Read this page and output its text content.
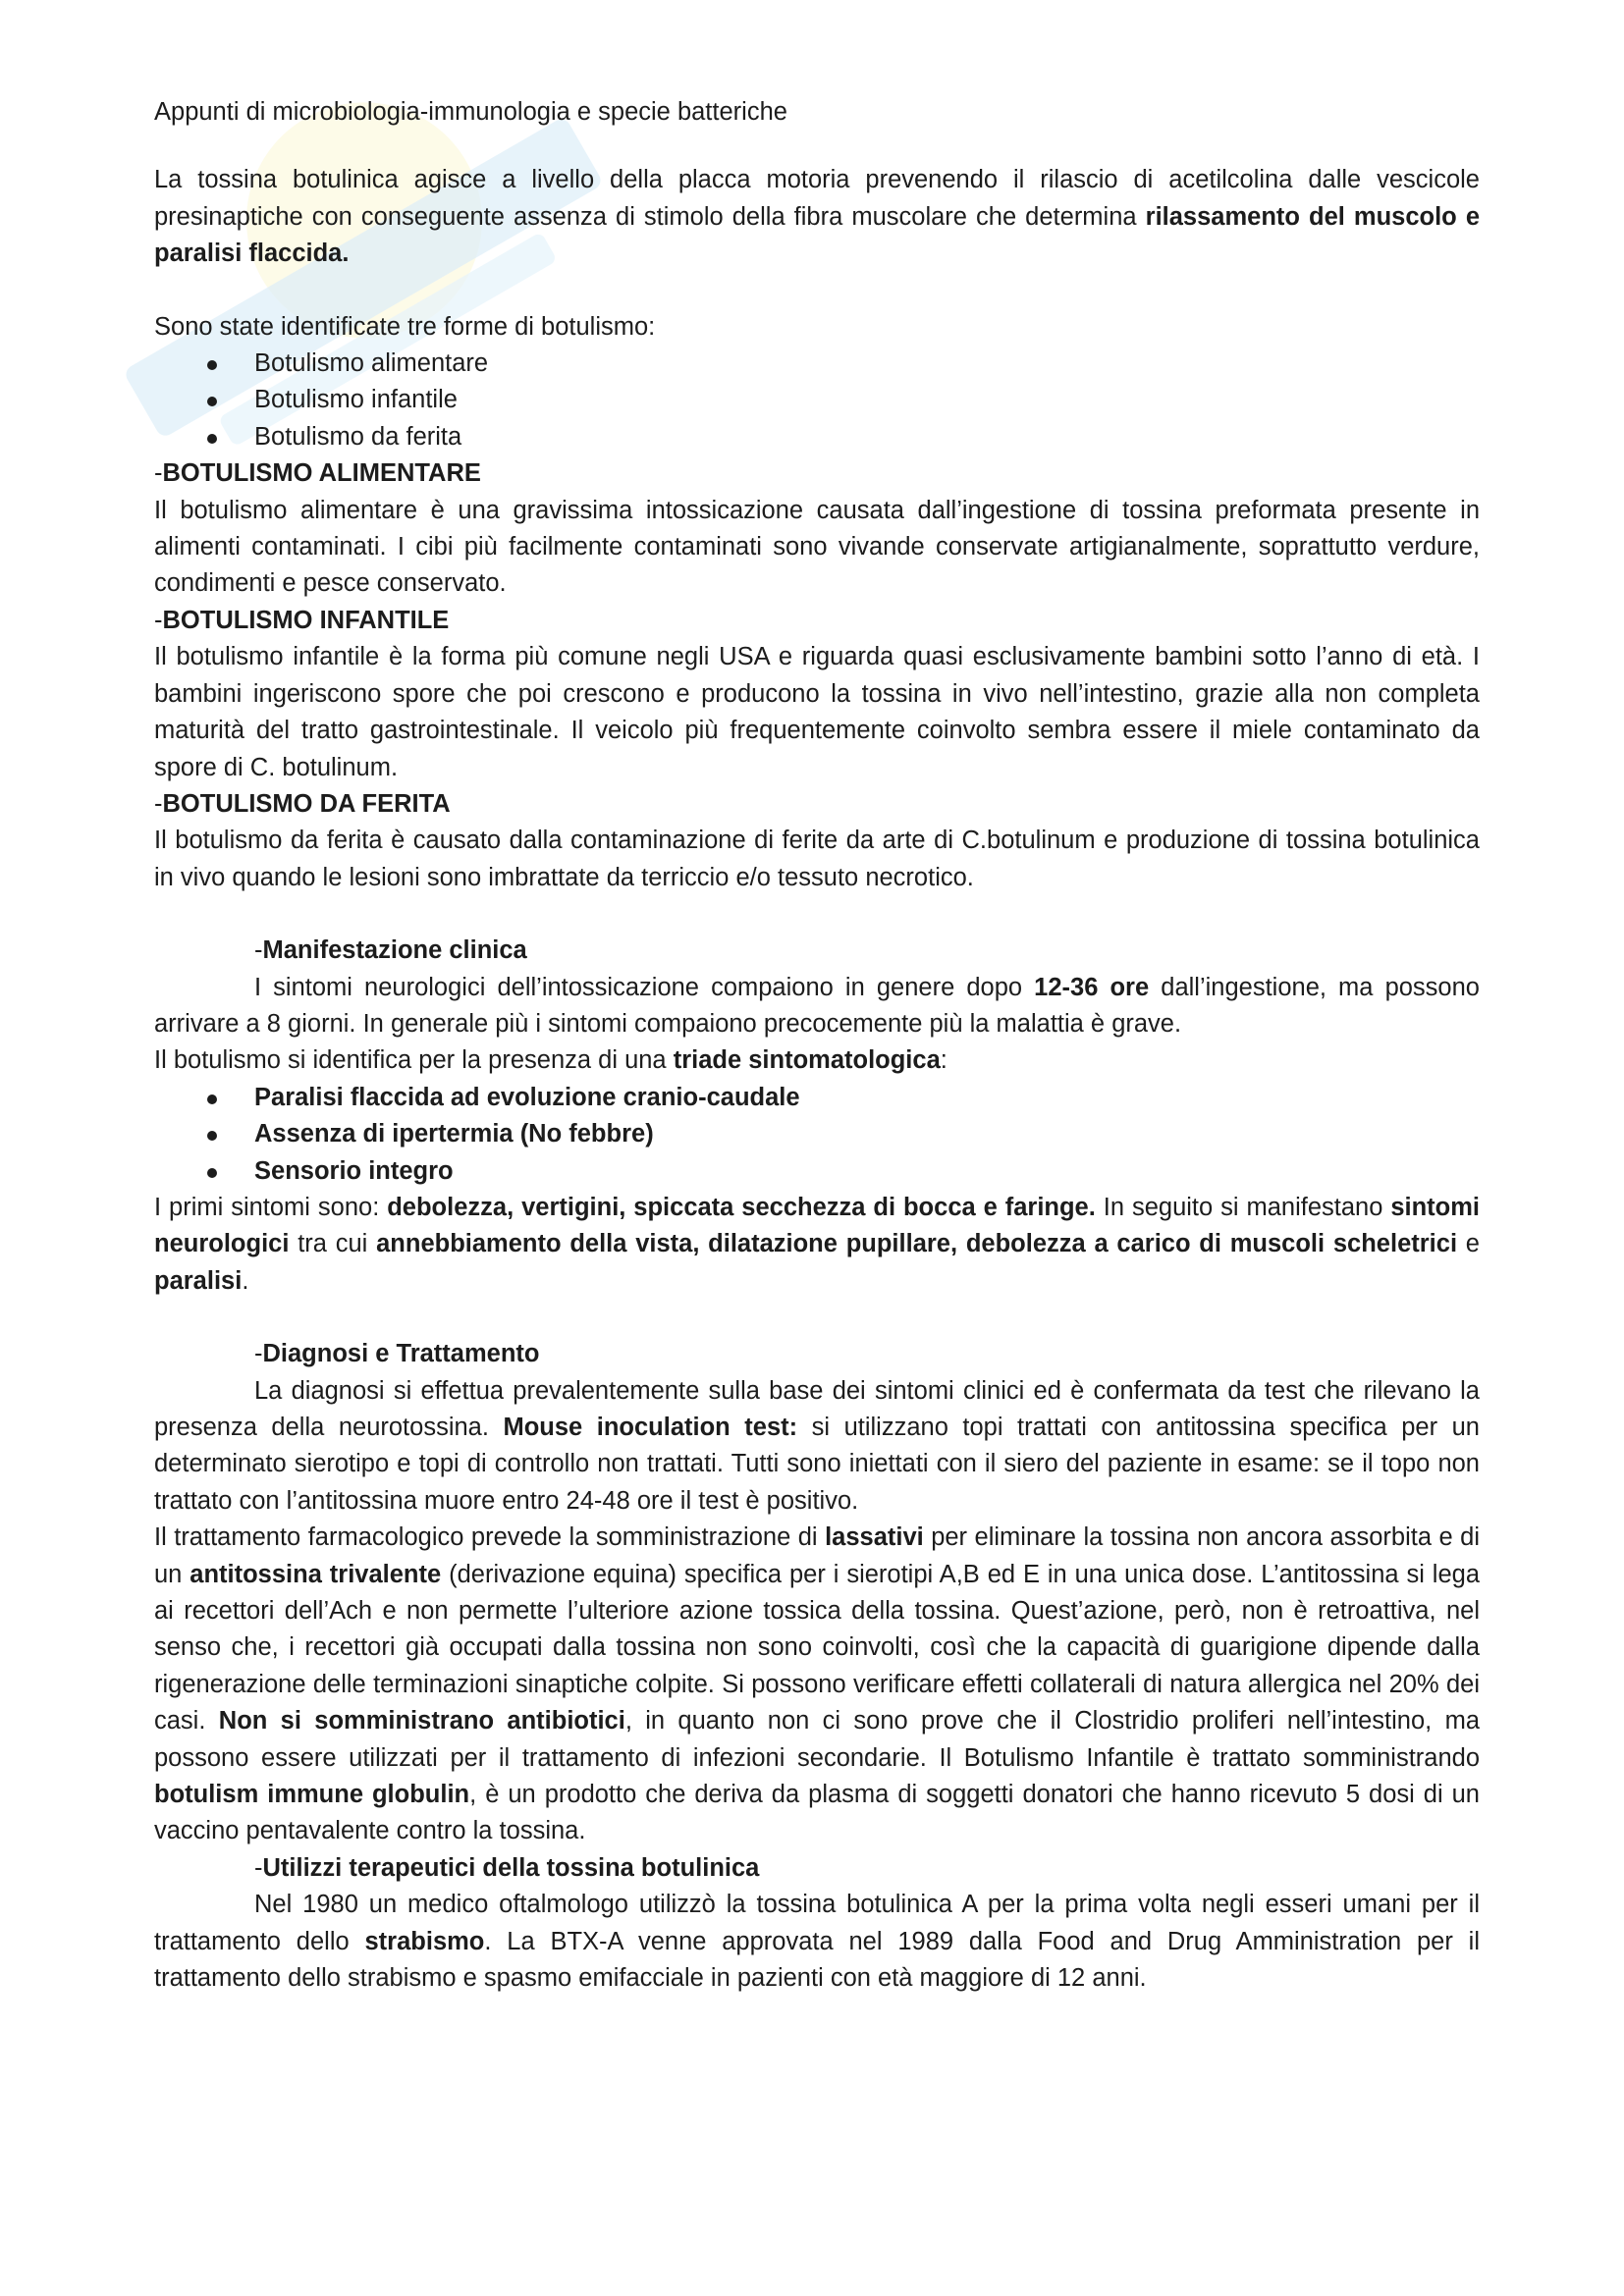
Appunti di microbiologia-immunologia e specie batteriche

La tossina botulinica agisce a livello della placca motoria prevenendo il rilascio di acetilcolina dalle vescicole presinaptiche con conseguente assenza di stimolo della fibra muscolare che determina rilassamento del muscolo e paralisi flaccida.

Sono state identificate tre forme di botulismo:

Botulismo alimentare
Botulismo infantile
Botulismo da ferita

-BOTULISMO ALIMENTARE

Il botulismo alimentare è una gravissima intossicazione causata dall’ingestione di tossina preformata presente in alimenti contaminati. I cibi più facilmente contaminati sono vivande conservate artigianalmente, soprattutto verdure, condimenti e pesce conservato.

-BOTULISMO INFANTILE

Il botulismo infantile è la forma più comune negli USA e riguarda quasi esclusivamente bambini sotto l’anno di età. I bambini ingeriscono spore che poi crescono e producono la tossina in vivo nell’intestino, grazie alla non completa maturità del tratto gastrointestinale. Il veicolo più frequentemente coinvolto sembra essere il miele contaminato da spore di C. botulinum.

-BOTULISMO DA FERITA

Il botulismo da ferita è causato dalla contaminazione di ferite da arte di C.botulinum e produzione di tossina botulinica in vivo quando le lesioni sono imbrattate da terriccio e/o tessuto necrotico.

-Manifestazione clinica

I sintomi neurologici dell’intossicazione compaiono in genere dopo 12-36 ore dall’ingestione, ma possono arrivare a 8 giorni. In generale più i sintomi compaiono precocemente più la malattia è grave.

Il botulismo si identifica per la presenza di una triade sintomatologica:

Paralisi flaccida ad evoluzione cranio-caudale
Assenza di ipertermia (No febbre)
Sensorio integro

I primi sintomi sono: debolezza, vertigini, spiccata secchezza di bocca e faringe. In seguito si manifestano sintomi neurologici tra cui annebbiamento della vista, dilatazione pupillare, debolezza a carico di muscoli scheletrici e paralisi.

-Diagnosi e Trattamento

La diagnosi si effettua prevalentemente sulla base dei sintomi clinici ed è confermata da test che rilevano la presenza della neurotossina. Mouse inoculation test: si utilizzano topi trattati con antitossina specifica per un determinato sierotipo e topi di controllo non trattati. Tutti sono iniettati con il siero del paziente in esame: se il topo non trattato con l’antitossina muore entro 24-48 ore il test è positivo.

Il trattamento farmacologico prevede la somministrazione di lassativi per eliminare la tossina non ancora assorbita e di un antitossina trivalente (derivazione equina) specifica per i sierotipi A,B ed E in una unica dose. L’antitossina si lega ai recettori dell’Ach e non permette l’ulteriore azione tossica della tossina. Quest’azione, però, non è retroattiva, nel senso che, i recettori già occupati dalla tossina non sono coinvolti, così che la capacità di guarigione dipende dalla rigenerazione delle terminazioni sinaptiche colpite. Si possono verificare effetti collaterali di natura allergica nel 20% dei casi. Non si somministrano antibiotici, in quanto non ci sono prove che il Clostridio proliferi nell’intestino, ma possono essere utilizzati per il trattamento di infezioni secondarie. Il Botulismo Infantile è trattato somministrando botulism immune globulin, è un prodotto che deriva da plasma di soggetti donatori che hanno ricevuto 5 dosi di un vaccino pentavalente contro la tossina.

-Utilizzi terapeutici della tossina botulinica

Nel 1980 un medico oftalmologo utilizzò la tossina botulinica A per la prima volta negli esseri umani per il trattamento dello strabismo. La BTX-A venne approvata nel 1989 dalla Food and Drug Amministration per il trattamento dello strabismo e spasmo emifacciale in pazienti con età maggiore di 12 anni.
